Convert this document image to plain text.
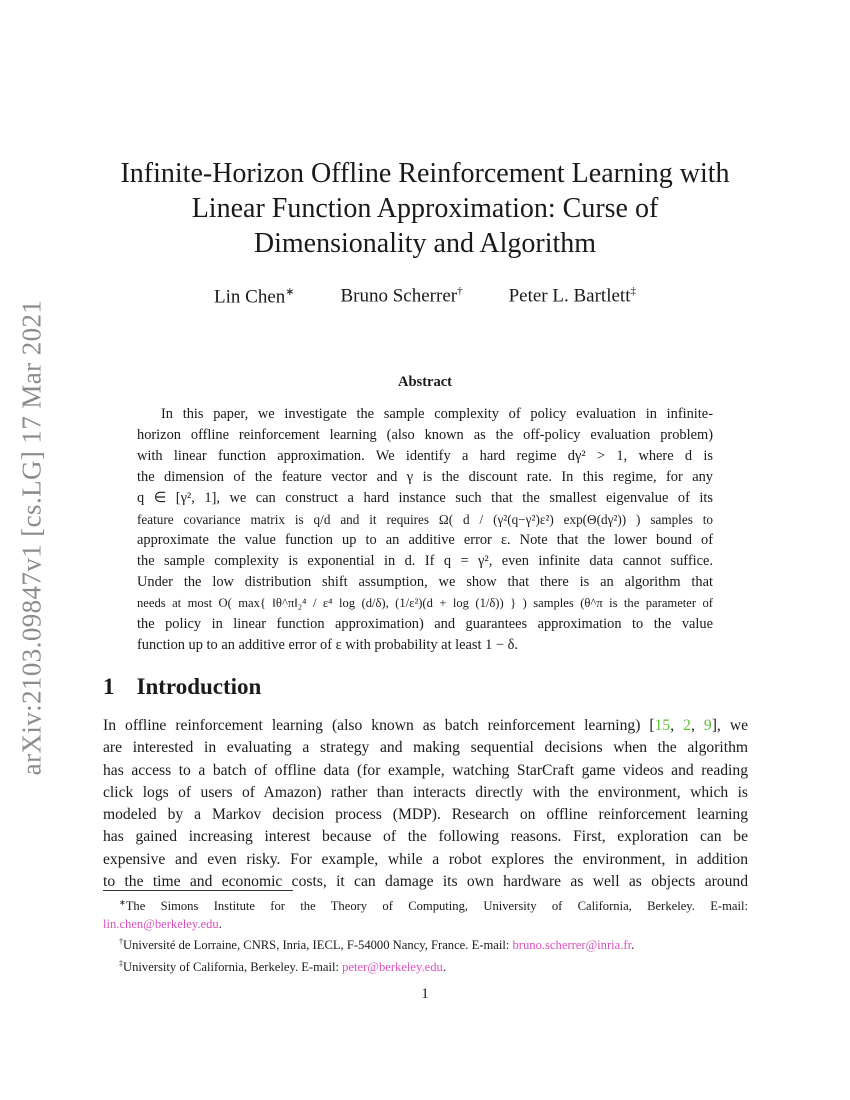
arXiv:2103.09847v1 [cs.LG] 17 Mar 2021
Infinite-Horizon Offline Reinforcement Learning with
Linear Function Approximation: Curse of
Dimensionality and Algorithm
Lin Chen∗ Bruno Scherrer† Peter L. Bartlett‡
Abstract
In this paper, we investigate the sample complexity of policy evaluation in infinite-
horizon offline reinforcement learning (also known as the off-policy evaluation problem)
with linear function approximation. We identify a hard regime dγ² > 1, where d is
the dimension of the feature vector and γ is the discount rate. In this regime, for any
q ∈ [γ², 1], we can construct a hard instance such that the smallest eigenvalue of its
feature covariance matrix is q/d and it requires Ω( d / (γ²(q−γ²)ε²) exp(Θ(dγ²)) ) samples to
approximate the value function up to an additive error ε. Note that the lower bound of
the sample complexity is exponential in d. If q = γ², even infinite data cannot suffice.
Under the low distribution shift assumption, we show that there is an algorithm that
needs at most O( max{ ‖θ^π‖₂⁴ / ε⁴ log (d/δ), (1/ε²)(d + log (1/δ)) } ) samples (θ^π is the parameter of
the policy in linear function approximation) and guarantees approximation to the value
function up to an additive error of ε with probability at least 1 − δ.
1 Introduction
In offline reinforcement learning (also known as batch reinforcement learning) [15, 2, 9], we
are interested in evaluating a strategy and making sequential decisions when the algorithm
has access to a batch of offline data (for example, watching StarCraft game videos and reading
click logs of users of Amazon) rather than interacts directly with the environment, which is
modeled by a Markov decision process (MDP). Research on offline reinforcement learning
has gained increasing interest because of the following reasons. First, exploration can be
expensive and even risky. For example, while a robot explores the environment, in addition
to the time and economic costs, it can damage its own hardware as well as objects around
∗The Simons Institute for the Theory of Computing, University of California, Berkeley. E-mail:
lin.chen@berkeley.edu.
†Université de Lorraine, CNRS, Inria, IECL, F-54000 Nancy, France. E-mail: bruno.scherrer@inria.fr.
‡University of California, Berkeley. E-mail: peter@berkeley.edu.
1
